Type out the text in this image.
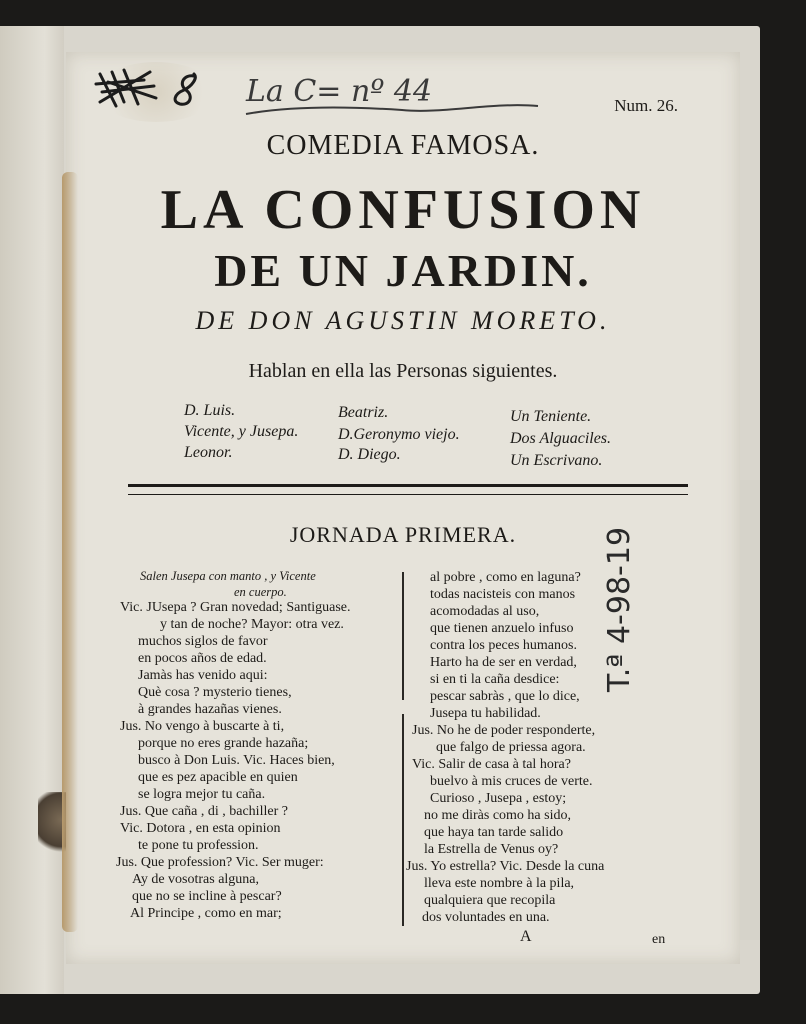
La C= nº 44	Num. 26.
COMEDIA FAMOSA.
LA CONFUSION
DE UN JARDIN.
DE DON AGUSTIN MORETO.
Hablan en ella las Personas siguientes.
D. Luis.
Vicente, y Jusepa.
Leonor.
Beatriz.
D.Geronymo viejo.
D. Diego.
Un Teniente.
Dos Alguaciles.
Un Escrivano.
JORNADA PRIMERA.
Salen Jusepa con manto , y Vicente
en cuerpo.
Vic. JUsepa ? Gran novedad; Santiguase.
y tan de noche? Mayor: otra vez.
muchos siglos de favor
en pocos años de edad.
Jamàs has venido aqui:
Què cosa ? mysterio tienes,
à grandes hazañas vienes.
Jus. No vengo à buscarte à ti,
porque no eres grande hazaña;
busco à Don Luis. Vic. Haces bien,
que es pez apacible en quien
se logra mejor tu caña.
Jus. Que caña , di , bachiller ?
Vic. Dotora , en esta opinion
te pone tu profession.
Jus. Que profession? Vic. Ser muger:
Ay de vosotras alguna,
que no se incline à pescar?
Al Principe , como en mar;
al pobre , como en laguna?
todas nacisteis con manos
acomodadas al uso,
que tienen anzuelo infuso
contra los peces humanos.
Harto ha de ser en verdad,
si en ti la caña desdice:
pescar sabràs , que lo dice,
Jusepa tu habilidad.
Jus. No he de poder responderte,
que falgo de priessa agora.
Vic. Salir de casa à tal hora?
buelvo à mis cruces de verte.
Curioso , Jusepa , estoy;
no me diràs como ha sido,
que haya tan tarde salido
la Estrella de Venus oy?
Jus. Yo estrella? Vic. Desde la cuna
lleva este nombre à la pila,
qualquiera que recopila
dos voluntades en una.
T.ª 4-98-19
A	en
